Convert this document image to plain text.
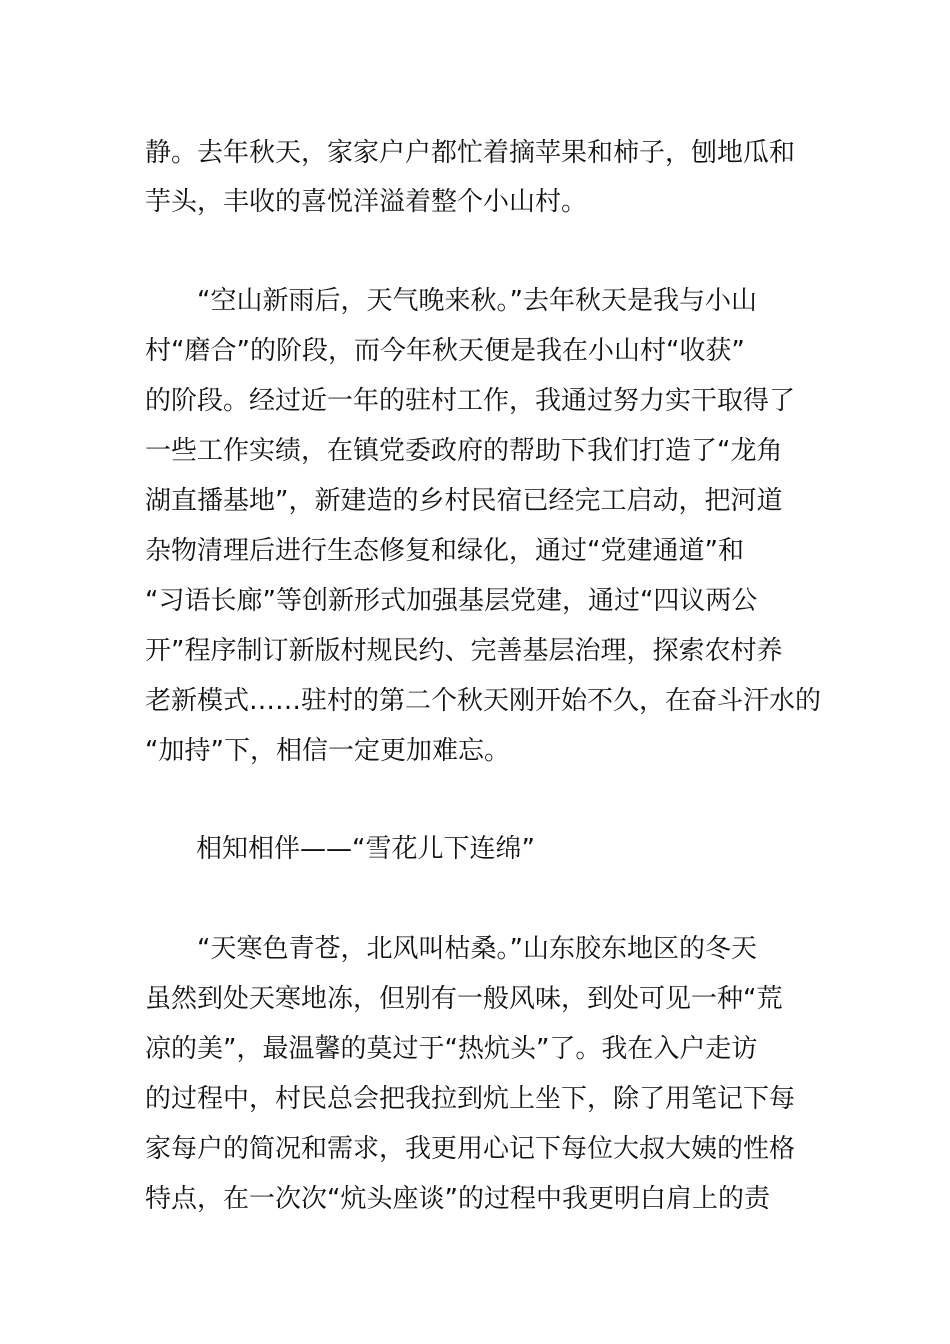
静。去年秋天，家家户户都忙着摘苹果和柿子，刨地瓜和
芋头，丰收的喜悦洋溢着整个小山村。
“空山新雨后，天气晚来秋。”去年秋天是我与小山
村“磨合”的阶段，而今年秋天便是我在小山村“收获”
的阶段。经过近一年的驻村工作，我通过努力实干取得了
一些工作实绩，在镇党委政府的帮助下我们打造了“龙角
湖直播基地”，新建造的乡村民宿已经完工启动，把河道
杂物清理后进行生态修复和绿化，通过“党建通道”和
“习语长廊”等创新形式加强基层党建，通过“四议两公
开”程序制订新版村规民约、完善基层治理，探索农村养
老新模式……驻村的第二个秋天刚开始不久，在奋斗汗水的
“加持”下，相信一定更加难忘。
相知相伴——“雪花儿下连绵”
“天寒色青苍，北风叫枯桑。”山东胶东地区的冬天
虽然到处天寒地冻，但别有一般风味，到处可见一种“荒
凉的美”，最温馨的莫过于“热炕头”了。我在入户走访
的过程中，村民总会把我拉到炕上坐下，除了用笔记下每
家每户的简况和需求，我更用心记下每位大叔大姨的性格
特点，在一次次“炕头座谈”的过程中我更明白肩上的责
